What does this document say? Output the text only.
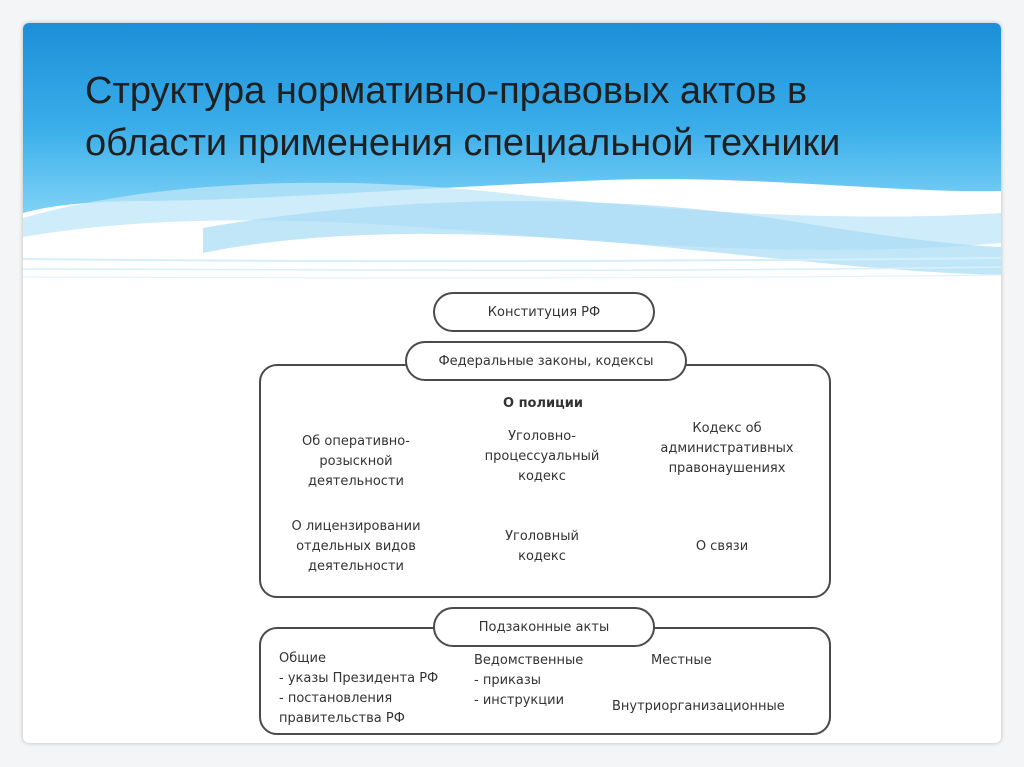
Структура нормативно-правовых актов в
области применения специальной техники
Конституция РФ
Федеральные законы, кодексы
Подзаконные акты
О полиции
Об оперативно-
розыскной
деятельности
Уголовно-
процессуальный
кодекс
Кодекс об
административных
правонаушениях
О лицензировании
отдельных видов
деятельности
Уголовный
кодекс
О связи
Общие
- указы Президента РФ
- постановления
правительства РФ
Ведомственные
- приказы
- инструкции
Местные
Внутриорганизационные
